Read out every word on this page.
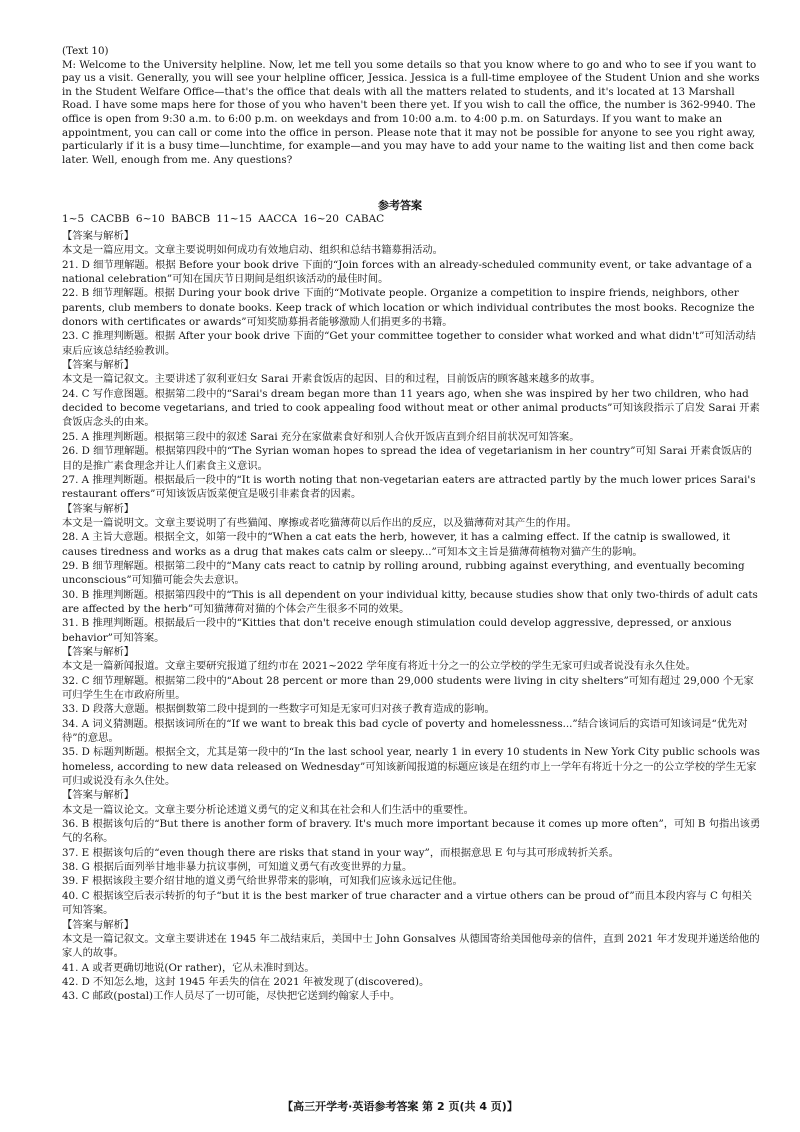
(Text 10)
M: Welcome to the University helpline. Now, let me tell you some details so that you know where to go and who to see if you want to pay us a visit. Generally, you will see your helpline officer, Jessica. Jessica is a full-time employee of the Student Union and she works in the Student Welfare Office—that's the office that deals with all the matters related to students, and it's located at 13 Marshall Road. I have some maps here for those of you who haven't been there yet. If you wish to call the office, the number is 362-9940. The office is open from 9:30 a.m. to 6:00 p.m. on weekdays and from 10:00 a.m. to 4:00 p.m. on Saturdays. If you want to make an appointment, you can call or come into the office in person. Please note that it may not be possible for anyone to see you right away, particularly if it is a busy time—lunchtime, for example—and you may have to add your name to the waiting list and then come back later. Well, enough from me. Any questions?
参考答案
1~5 CACBB 6~10 BABCB 11~15 AACCA 16~20 CABAC
【答案与解析】
本文是一篇应用文。文章主要说明如何成功有效地启动、组织和总结书籍募捐活动。
21. D 细节理解题。根据 Before your book drive 下面的“Join forces with an already-scheduled community event, or take advantage of a national celebration”可知在国庆节日期间是组织该活动的最佳时间。
22. B 细节理解题。根据 During your book drive 下面的“Motivate people. Organize a competition to inspire friends, neighbors, other parents, club members to donate books. Keep track of which location or which individual contributes the most books. Recognize the donors with certificates or awards”可知奖励募捐者能够激励人们捐更多的书籍。
23. C 推理判断题。根据 After your book drive 下面的“Get your committee together to consider what worked and what didn't”可知活动结束后应该总结经验教训。
【答案与解析】
本文是一篇记叙文。主要讲述了叙利亚妇女 Sarai 开素食饭店的起因、目的和过程，目前饭店的顾客越来越多的故事。
24. C 写作意图题。根据第二段中的“Sarai's dream began more than 11 years ago, when she was inspired by her two children, who had decided to become vegetarians, and tried to cook appealing food without meat or other animal products”可知该段指示了启发 Sarai 开素食饭店念头的由来。
25. A 推理判断题。根据第三段中的叙述 Sarai 充分在家做素食好和别人合伙开饭店直到介绍目前状况可知答案。
26. D 细节理解题。根据第四段中的“The Syrian woman hopes to spread the idea of vegetarianism in her country”可知 Sarai 开素食饭店的目的是推广素食理念并让人们素食主义意识。
27. A 推理判断题。根据最后一段中的“It is worth noting that non-vegetarian eaters are attracted partly by the much lower prices Sarai's restaurant offers”可知该饭店饭菜便宜是吸引非素食者的因素。
【答案与解析】
本文是一篇说明文。文章主要说明了有些猫闻、摩擦或者吃猫薄荷以后作出的反应，以及猫薄荷对其产生的作用。
28. A 主旨大意题。根据全文，如第一段中的“When a cat eats the herb, however, it has a calming effect. If the catnip is swallowed, it causes tiredness and works as a drug that makes cats calm or sleepy...”可知本文主旨是猫薄荷植物对猫产生的影响。
29. B 细节理解题。根据第二段中的“Many cats react to catnip by rolling around, rubbing against everything, and eventually becoming unconscious”可知猫可能会失去意识。
30. B 推理判断题。根据第四段中的“This is all dependent on your individual kitty, because studies show that only two-thirds of adult cats are affected by the herb”可知猫薄荷对猫的个体会产生很多不同的效果。
31. B 推理判断题。根据最后一段中的“Kitties that don't receive enough stimulation could develop aggressive, depressed, or anxious behavior”可知答案。
【答案与解析】
本文是一篇新闻报道。文章主要研究报道了纽约市在 2021~2022 学年度有将近十分之一的公立学校的学生无家可归或者说没有永久住处。
32. C 细节理解题。根据第二段中的“About 28 percent or more than 29,000 students were living in city shelters”可知有超过 29,000 个无家可归学生生在市政府所里。
33. D 段落大意题。根据倒数第二段中提到的一些数字可知是无家可归对孩子教育造成的影响。
34. A 词义猜测题。根据该词所在的“If we want to break this bad cycle of poverty and homelessness...”结合该词后的宾语可知该词是“优先对待”的意思。
35. D 标题判断题。根据全文，尤其是第一段中的“In the last school year, nearly 1 in every 10 students in New York City public schools was homeless, according to new data released on Wednesday”可知该新闻报道的标题应该是在纽约市上一学年有将近十分之一的公立学校的学生无家可归或说没有永久住处。
【答案与解析】
本文是一篇议论文。文章主要分析论述道义勇气的定义和其在社会和人们生活中的重要性。
36. B 根据该句后的“But there is another form of bravery. It's much more important because it comes up more often”，可知 B 句指出该勇气的名称。
37. E 根据该句后的“even though there are risks that stand in your way”，而根据意思 E 句与其可形成转折关系。
38. G 根据后面列举甘地非暴力抗议事例，可知道义勇气有改变世界的力量。
39. F 根据该段主要介绍甘地的道义勇气给世界带来的影响，可知我们应该永远记住他。
40. C 根据该空后表示转折的句子“but it is the best marker of true character and a virtue others can be proud of”而且本段内容与 C 句相关可知答案。
【答案与解析】
本文是一篇记叙文。文章主要讲述在 1945 年二战结束后，美国中士 John Gonsalves 从德国寄给美国他母亲的信件，直到 2021 年才发现并递送给他的家人的故事。
41. A 或者更确切地说(Or rather)，它从未准时到达。
42. D 不知怎么地，这封 1945 年丢失的信在 2021 年被发现了(discovered)。
43. C 邮政(postal)工作人员尽了一切可能，尽快把它送到约翰家人手中。
【高三开学考·英语参考答案 第 2 页(共 4 页)】
